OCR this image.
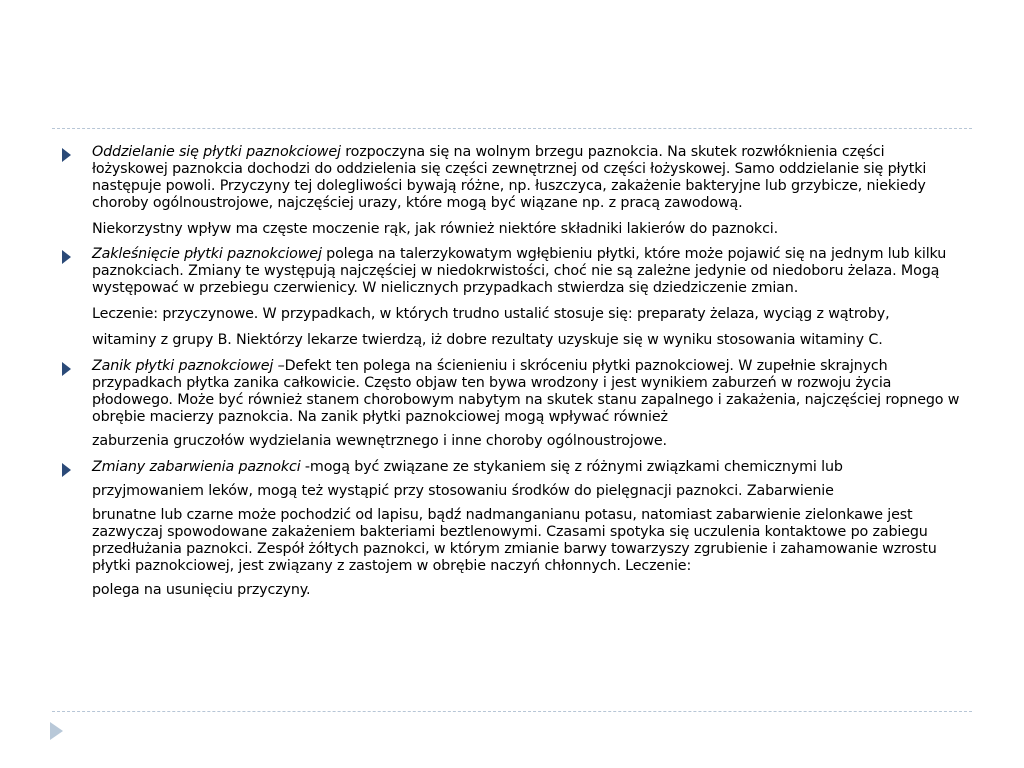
Oddzielanie się płytki paznokciowej rozpoczyna się na wolnym brzegu paznokcia. Na skutek rozwłóknienia części łożyskowej paznokcia dochodzi do oddzielenia się części zewnętrznej od części łożyskowej. Samo oddzielanie się płytki następuje powoli. Przyczyny tej dolegliwości bywają różne, np. łuszczyca, zakażenie bakteryjne lub grzybicze, niekiedy choroby ogólnoustrojowe, najczęściej urazy, które mogą być wiązane np. z pracą zawodową.

Niekorzystny wpływ ma częste moczenie rąk, jak również niektóre składniki lakierów do paznokci.

Zakleśnięcie płytki paznokciowej polega na talerzykowatym wgłębieniu płytki, które może pojawić się na jednym lub kilku paznokciach. Zmiany te występują najczęściej w niedokrwistości, choć nie są zależne jedynie od niedoboru żelaza. Mogą występować w przebiegu czerwienicy. W nielicznych przypadkach stwierdza się dziedziczenie zmian.

Leczenie: przyczynowe. W przypadkach, w których trudno ustalić stosuje się: preparaty żelaza, wyciąg z wątroby,

witaminy z grupy B. Niektórzy lekarze twierdzą, iż dobre rezultaty uzyskuje się w wyniku stosowania witaminy C.

Zanik płytki paznokciowej –Defekt ten polega na ścienieniu i skróceniu płytki paznokciowej. W zupełnie skrajnych przypadkach płytka zanika całkowicie. Często objaw ten bywa wrodzony i jest wynikiem zaburzeń w rozwoju życia płodowego. Może być również stanem chorobowym nabytym na skutek stanu zapalnego i zakażenia, najczęściej ropnego w obrębie macierzy paznokcia. Na zanik płytki paznokciowej mogą wpływać również

zaburzenia gruczołów wydzielania wewnętrznego i inne choroby ogólnoustrojowe.

Zmiany zabarwienia paznokci -mogą być związane ze stykaniem się z różnymi związkami chemicznymi lub

przyjmowaniem leków, mogą też wystąpić przy stosowaniu środków do pielęgnacji paznokci. Zabarwienie

brunatne lub czarne może pochodzić od lapisu, bądź nadmanganianu potasu, natomiast zabarwienie zielonkawe jest zazwyczaj spowodowane zakażeniem bakteriami beztlenowymi. Czasami spotyka się uczulenia kontaktowe po zabiegu przedłużania paznokci. Zespół żółtych paznokci, w którym zmianie barwy towarzyszy zgrubienie i zahamowanie wzrostu płytki paznokciowej, jest związany z zastojem w obrębie naczyń chłonnych. Leczenie:

polega na usunięciu przyczyny.
